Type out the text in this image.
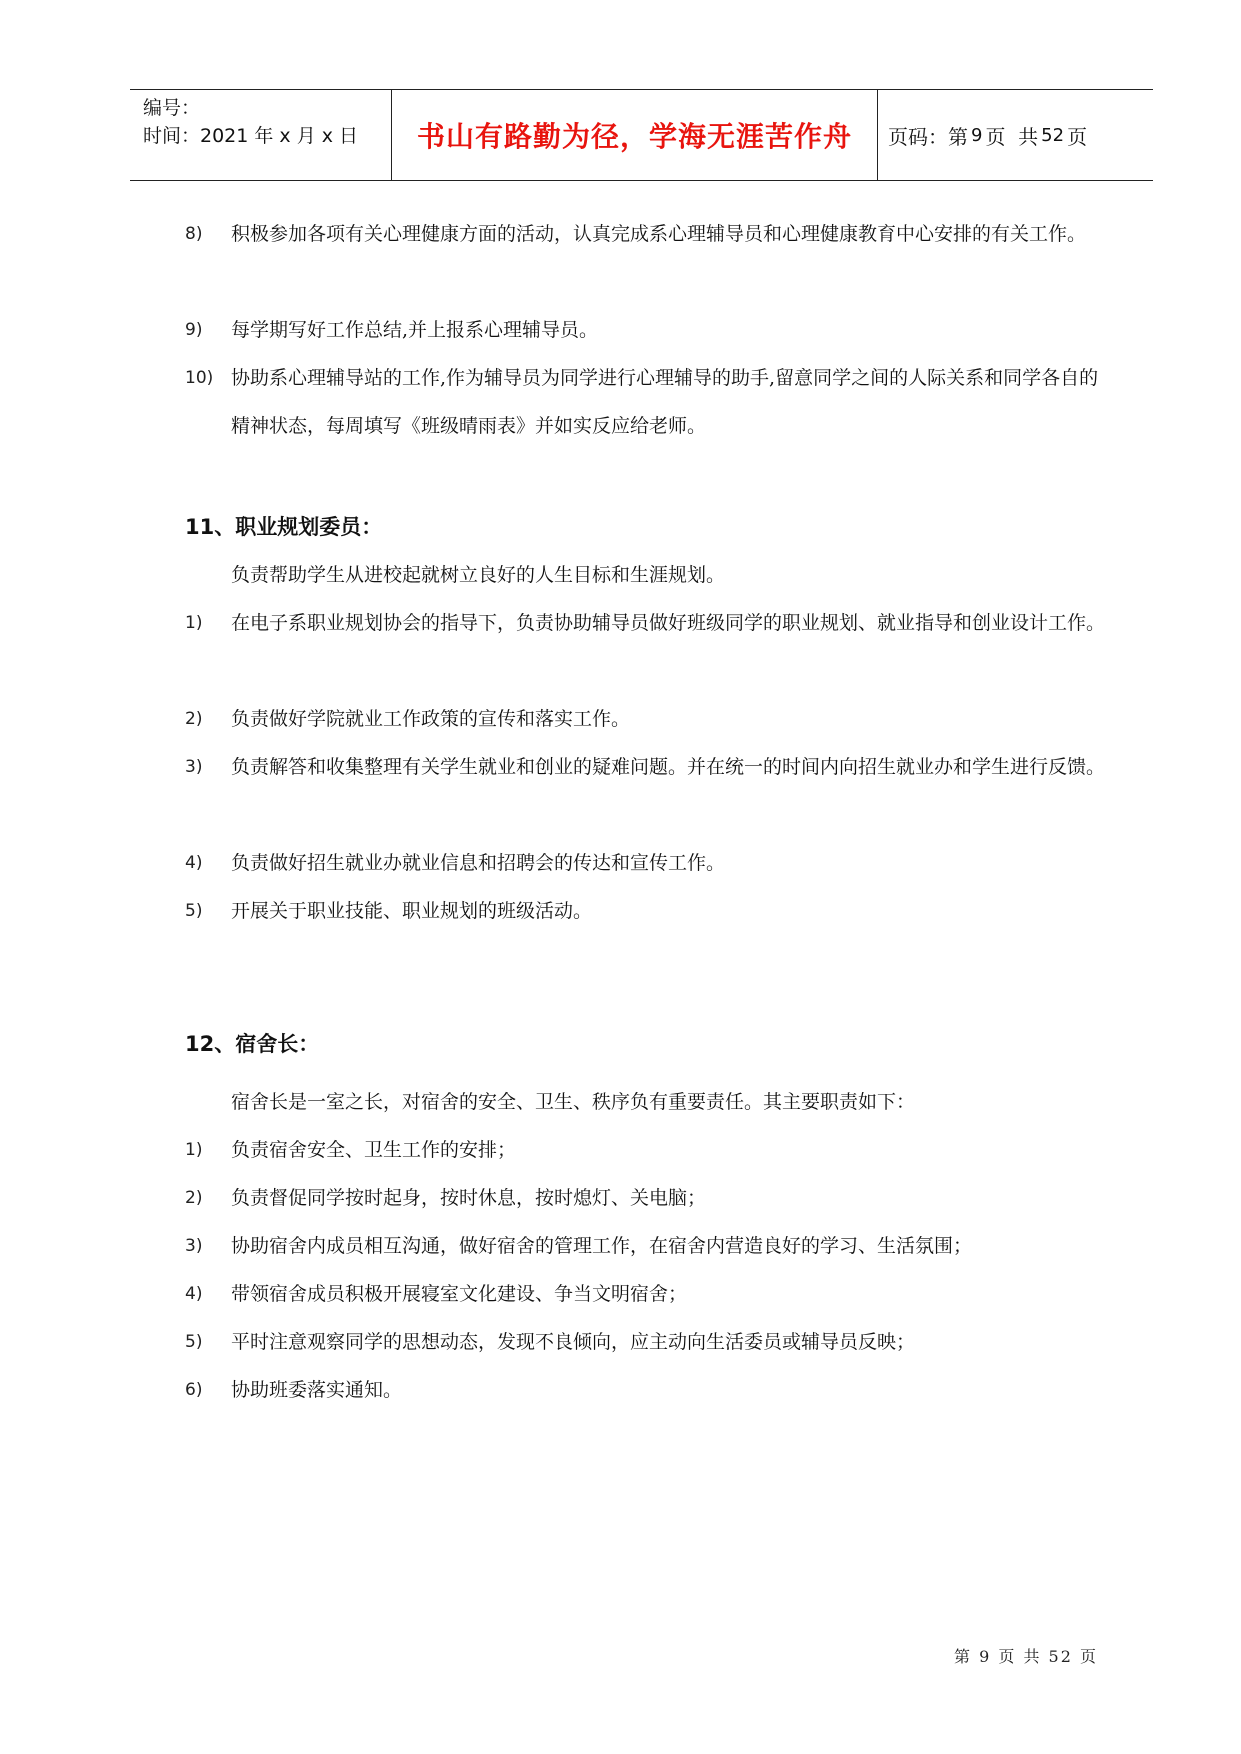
编号：
时间：2021 年 x 月 x 日	书山有路勤为径，学海无涯苦作舟	页码：第 9 页  共 52 页
8) 积极参加各项有关心理健康方面的活动，认真完成系心理辅导员和心理健康教育中心安排的有关工作。
9) 每学期写好工作总结,并上报系心理辅导员。
10) 协助系心理辅导站的工作,作为辅导员为同学进行心理辅导的助手,留意同学之间的人际关系和同学各自的精神状态，每周填写《班级晴雨表》并如实反应给老师。
11、职业规划委员：
负责帮助学生从进校起就树立良好的人生目标和生涯规划。
1) 在电子系职业规划协会的指导下，负责协助辅导员做好班级同学的职业规划、就业指导和创业设计工作。
2) 负责做好学院就业工作政策的宣传和落实工作。
3) 负责解答和收集整理有关学生就业和创业的疑难问题。并在统一的时间内向招生就业办和学生进行反馈。
4) 负责做好招生就业办就业信息和招聘会的传达和宣传工作。
5) 开展关于职业技能、职业规划的班级活动。
12、宿舍长：
宿舍长是一室之长，对宿舍的安全、卫生、秩序负有重要责任。其主要职责如下：
1) 负责宿舍安全、卫生工作的安排；
2) 负责督促同学按时起身，按时休息，按时熄灯、关电脑；
3) 协助宿舍内成员相互沟通，做好宿舍的管理工作，在宿舍内营造良好的学习、生活氛围；
4) 带领宿舍成员积极开展寝室文化建设、争当文明宿舍；
5) 平时注意观察同学的思想动态，发现不良倾向，应主动向生活委员或辅导员反映；
6) 协助班委落实通知。
第 9 页 共 52 页
